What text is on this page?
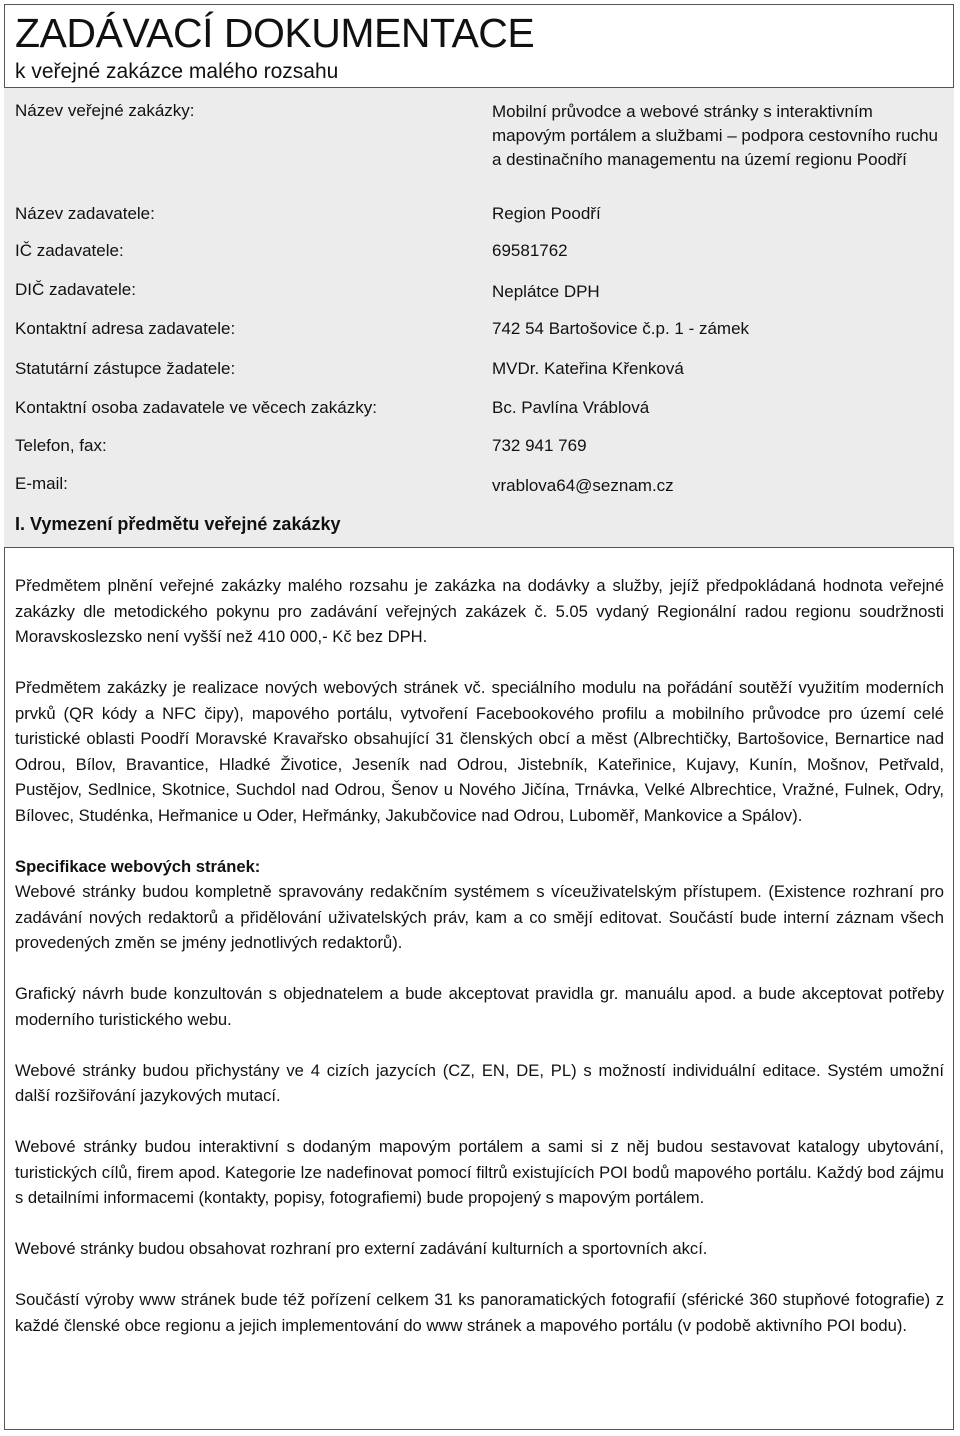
ZADÁVACÍ DOKUMENTACE
k veřejné zakázce malého rozsahu
Název veřejné zakázky:	Mobilní průvodce a webové stránky s interaktivním mapovým portálem a službami – podpora cestovního ruchu a destinačního managementu na území regionu Poodří
Název zadavatele:	Region Poodří
IČ zadavatele:	69581762
DIČ zadavatele:	Neplátce DPH
Kontaktní adresa zadavatele:	742 54 Bartošovice č.p. 1 - zámek
Statutární zástupce žadatele:	MVDr. Kateřina Křenková
Kontaktní osoba zadavatele ve věcech zakázky:	Bc. Pavlína Vráblová
Telefon, fax:	732 941 769
E-mail:	vrablova64@seznam.cz
I. Vymezení předmětu veřejné zakázky

Předmětem plnění veřejné zakázky malého rozsahu je zakázka na dodávky a služby, jejíž předpokládaná hodnota veřejné zakázky dle metodického pokynu pro zadávání veřejných zakázek č. 5.05 vydaný Regionální radou regionu soudržnosti Moravskoslezsko není vyšší než 410 000,- Kč bez DPH.

Předmětem zakázky je realizace nových webových stránek vč. speciálního modulu na pořádání soutěží využitím moderních prvků (QR kódy a NFC čipy), mapového portálu, vytvoření Facebookového profilu a mobilního průvodce pro území celé turistické oblasti Poodří Moravské Kravařsko obsahující 31 členských obcí a měst (Albrechtičky, Bartošovice, Bernartice nad Odrou, Bílov, Bravantice, Hladké Životice, Jeseník nad Odrou, Jistebník, Kateřinice, Kujavy, Kunín, Mošnov, Petřvald, Pustějov, Sedlnice, Skotnice, Suchdol nad Odrou, Šenov u Nového Jičína, Trnávka, Velké Albrechtice, Vražné, Fulnek, Odry, Bílovec, Studénka, Heřmanice u Oder, Heřmánky, Jakubčovice nad Odrou, Luboměř, Mankovice a Spálov).

Specifikace webových stránek:
Webové stránky budou kompletně spravovány redakčním systémem s víceuživatelským přístupem. (Existence rozhraní pro zadávání nových redaktorů a přidělování uživatelských práv, kam a co smějí editovat. Součástí bude interní záznam všech provedených změn se jmény jednotlivých redaktorů).

Grafický návrh bude konzultován s objednatelem a bude akceptovat pravidla gr. manuálu apod. a bude akceptovat potřeby moderního turistického webu.

Webové stránky budou přichystány ve 4 cizích jazycích (CZ, EN, DE, PL) s možností individuální editace. Systém umožní další rozšiřování jazykových mutací.

Webové stránky budou interaktivní s dodaným mapovým portálem a sami si z něj budou sestavovat katalogy ubytování, turistických cílů, firem apod. Kategorie lze nadefinovat pomocí filtrů existujících POI bodů mapového portálu. Každý bod zájmu s detailními informacemi (kontakty, popisy, fotografiemi) bude propojený s mapovým portálem.

Webové stránky budou obsahovat rozhraní pro externí zadávání kulturních a sportovních akcí.

Součástí výroby www stránek bude též pořízení celkem 31 ks panoramatických fotografií (sférické 360 stupňové fotografie) z každé členské obce regionu a jejich implementování do www stránek a mapového portálu (v podobě aktivního POI bodu).
